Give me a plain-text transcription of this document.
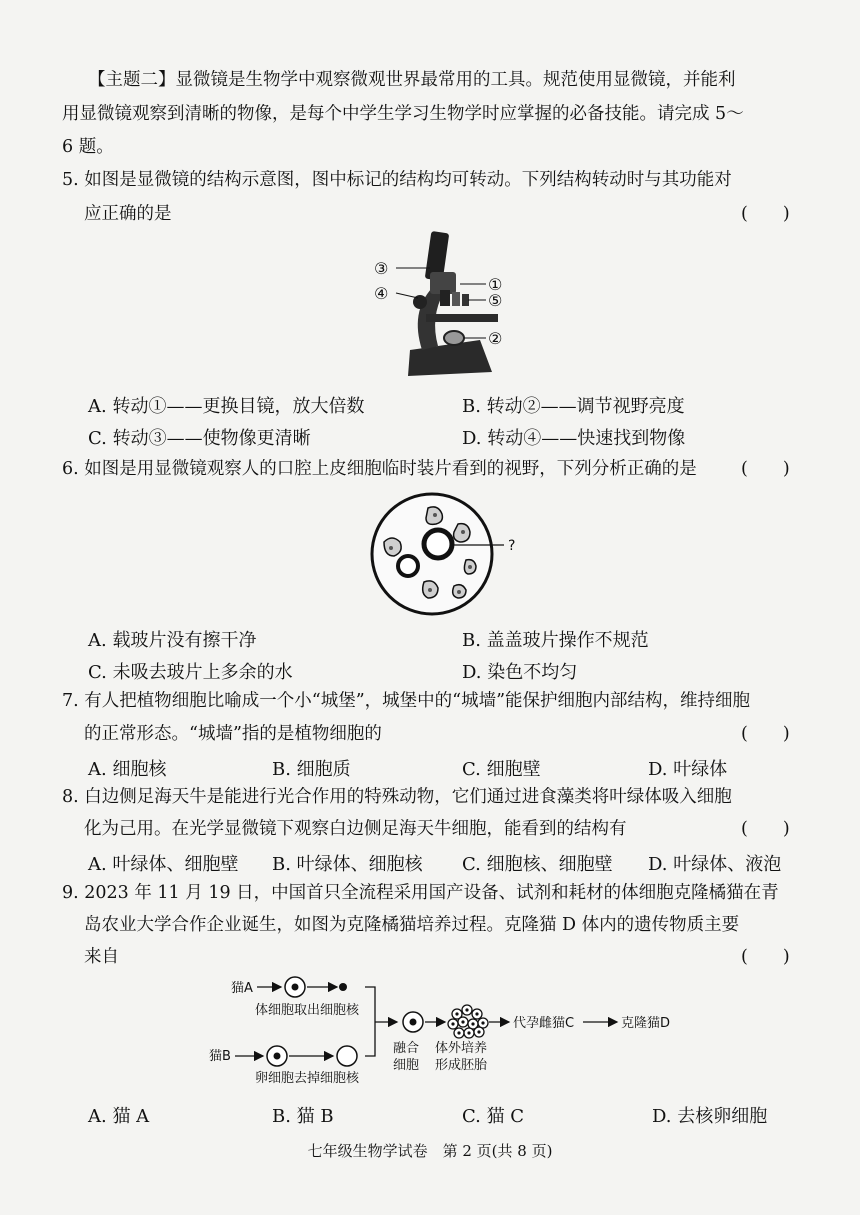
【主题二】显微镜是生物学中观察微观世界最常用的工具。规范使用显微镜，并能利
用显微镜观察到清晰的物像，是每个中学生学习生物学时应掌握的必备技能。请完成 5～
6 题。
5. 如图是显微镜的结构示意图，图中标记的结构均可转动。下列结构转动时与其功能对
应正确的是	(　　)
③
④	①
⑤
②
A. 转动①——更换目镜，放大倍数	B. 转动②——调节视野亮度
C. 转动③——使物像更清晰	D. 转动④——快速找到物像
6. 如图是用显微镜观察人的口腔上皮细胞临时装片看到的视野，下列分析正确的是	(　　)
?
A. 载玻片没有擦干净	B. 盖盖玻片操作不规范
C. 未吸去玻片上多余的水	D. 染色不均匀
7. 有人把植物细胞比喻成一个小“城堡”，城堡中的“城墙”能保护细胞内部结构，维持细胞
的正常形态。“城墙”指的是植物细胞的	(　　)
A. 细胞核	B. 细胞质	C. 细胞壁	D. 叶绿体
8. 白边侧足海天牛是能进行光合作用的特殊动物，它们通过进食藻类将叶绿体吸入细胞
化为己用。在光学显微镜下观察白边侧足海天牛细胞，能看到的结构有	(　　)
A. 叶绿体、细胞壁 B. 叶绿体、细胞核 C. 细胞核、细胞壁 D. 叶绿体、液泡
9. 2023 年 11 月 19 日，中国首只全流程采用国产设备、试剂和耗材的体细胞克隆橘猫在青
岛农业大学合作企业诞生，如图为克隆橘猫培养过程。克隆猫 D 体内的遗传物质主要
来自	(　　)
猫A
体细胞取出细胞核
猫B
卵细胞去掉细胞核
融合
细胞
体外培养
形成胚胎
代孕雌猫C	克隆猫D
A. 猫 A	B. 猫 B	C. 猫 C	D. 去核卵细胞
七年级生物学试卷　第 2 页(共 8 页)
